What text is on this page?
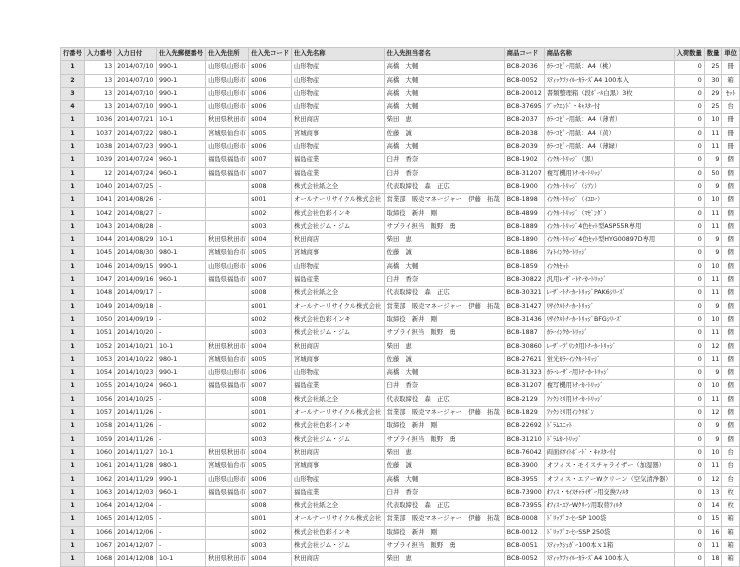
行番号	入力番号	入力日付	仕入先郵便番号	仕入先住所	仕入先コード	仕入先名称	仕入先担当者名	商品コード	商品名称	入荷数量	数量	単位
1	13	2014/07/10	990-1	山形県山形市	s006	山形物産	高橋　大輔	BC8-2036	ｶﾗｰｺﾋﾟｰ用紙：A4（桃）	0	25	冊
2	13	2014/07/10	990-1	山形県山形市	s006	山形物産	高橋　大輔	BC8-0052	ｽﾃｨｯｸﾌｧｲﾙｰｶﾗｰｽﾞA4 100本入	0	30	箱
3	13	2014/07/10	990-1	山形県山形市	s006	山形物産	高橋　大輔	BC8-20012	書類整理箱（段ﾎﾞｰﾙ白黒）3枚	0	29	ｾｯﾄ
4	13	2014/07/10	990-1	山形県山形市	s006	山形物産	高橋　大輔	BC8-37695	ﾌﾞｯｸｴﾝﾄﾞ・ｷｬｽﾀｰ付	0	25	台
1	1036	2014/07/21	10-1	秋田県秋田市	s004	秋田商店	柴田　恵	BC8-2037	ｶﾗｰｺﾋﾟｰ用紙：A4（薄青）	0	10	冊
1	1037	2014/07/22	980-1	宮城県仙台市	s005	宮城商事	佐藤　誠	BC8-2038	ｶﾗｰｺﾋﾟｰ用紙：A4（黄）	0	11	冊
1	1038	2014/07/23	990-1	山形県山形市	s006	山形物産	高橋　大輔	BC8-2039	ｶﾗｰｺﾋﾟｰ用紙：A4（薄緑）	0	11	冊
1	1039	2014/07/24	960-1	福島県福島市	s007	福島産業	臼井　香奈	BC8-1902	ｲﾝｸｶｰﾄﾘｯｼﾞ（黒）	0	9	個
1	12	2014/07/24	960-1	福島県福島市	s007	福島産業	臼井　香奈	BC8-31207	複写機用ﾄﾅｰｶｰﾄﾘｯｼﾞ	0	50	個
1	1040	2014/07/25	-		s008	株式会社紙之全	代表取締役　森　正広	BC8-1900	ｲﾝｸｶｰﾄﾘｯｼﾞ（ｼｱﾝ）	0	9	個
1	1041	2014/08/26	-		s001	オールナーリサイクル株式会社	営業部　販売マネージャー　伊藤　拓哉	BC8-1898	ｲﾝｸｶｰﾄﾘｯｼﾞ（ｲｴﾛｰ）	0	10	個
1	1042	2014/08/27	-		s002	株式会社色彩インキ	取締役　新井　剛	BC8-4899	ｲﾝｸｶｰﾄﾘｯｼﾞ（ﾏｾﾞﾝﾀﾞ）	0	11	個
1	1043	2014/08/28	-		s003	株式会社ジム・ジム	サプライ担当　飯野　勇	BC8-1889	ｲﾝｸｶｰﾄﾘｯｼﾞ4色ｾｯﾄ型ASP55R専用	0	11	個
1	1044	2014/08/29	10-1	秋田県秋田市	s004	秋田商店	柴田　恵	BC8-1890	ｲﾝｸｶｰﾄﾘｯｼﾞ4色ｾｯﾄ型HYG00897D専用	0	9	個
1	1045	2014/08/30	980-1	宮城県仙台市	s005	宮城商事	佐藤　誠	BC8-1886	ﾌｫﾄｲﾝｸｶｰﾄﾘｯｼﾞ	0	9	個
1	1046	2014/09/15	990-1	山形県山形市	s006	山形物産	高橋　大輔	BC8-1859	ｲﾝｸｶｾｯﾄ	0	10	個
1	1047	2014/09/16	960-1	福島県福島市	s007	福島産業	臼井　香奈	BC8-30822	汎用ﾚｰｻﾞｰﾄﾅｰｶｰﾄﾘｯｼﾞ	0	11	個
1	1048	2014/09/17	-		s008	株式会社紙之全	代表取締役　森　正広	BC8-30321	ﾚｰｻﾞｰﾄﾅｰｶｰﾄﾘｯｼﾞPAK6ｼﾘｰｽﾞ	0	11	個
1	1049	2014/09/18	-		s001	オールナーリサイクル株式会社	営業部　販売マネージャー　伊藤　拓哉	BC8-31427	ﾘｻｲｸﾙﾄﾅｰｶｰﾄﾘｯｼﾞ	0	9	個
1	1050	2014/09/19	-		s002	株式会社色彩インキ	取締役　新井　剛	BC8-31436	ﾘｻｲｸﾙﾄﾅｰｶｰﾄﾘｯｼﾞBFGｼﾘｰｽﾞ	0	10	個
1	1051	2014/10/20	-		s003	株式会社ジム・ジム	サプライ担当　飯野　勇	BC8-1887	ｶﾗｰｲﾝｸｶｰﾄﾘｯｼﾞ	0	11	個
1	1052	2014/10/21	10-1	秋田県秋田市	s004	秋田商店	柴田　恵	BC8-30860	ﾚｰｻﾞｰﾌﾟﾘﾝﾀ用ﾄﾅｰｶｰﾄﾘｯｼﾞ	0	12	個
1	1053	2014/10/22	980-1	宮城県仙台市	s005	宮城商事	佐藤　誠	BC8-27621	蛍光ｶﾗｰｲﾝｸｶｰﾄﾘｯｼﾞ	0	11	個
1	1054	2014/10/23	990-1	山形県山形市	s006	山形物産	高橋　大輔	BC8-31323	ｶﾗｰﾚｰｻﾞｰ用ﾄﾅｰｶｰﾄﾘｯｼﾞ	0	9	個
1	1055	2014/10/24	960-1	福島県福島市	s007	福島産業	臼井　香奈	BC8-31207	複写機用ﾄﾅｰｶｰﾄﾘｯｼﾞ	0	10	個
1	1056	2014/10/25	-		s008	株式会社紙之全	代表取締役　森　正広	BC8-2129	ﾌｧｸｼﾐﾘ用ﾄﾅｰｶｰﾄﾘｯｼﾞ	0	11	個
1	1057	2014/11/26	-		s001	オールナーリサイクル株式会社	営業部　販売マネージャー　伊藤　拓哉	BC8-1829	ﾌｧｸｼﾐﾘ用ｲﾝｸﾘﾎﾞﾝ	0	12	個
1	1058	2014/11/26	-		s002	株式会社色彩インキ	取締役　新井　剛	BC8-22692	ﾄﾞﾗﾑﾕﾆｯﾄ	0	9	個
1	1059	2014/11/26	-		s003	株式会社ジム・ジム	サプライ担当　飯野　勇	BC8-31210	ﾄﾞﾗﾑｶｰﾄﾘｯｼﾞ	0	9	個
1	1060	2014/11/27	10-1	秋田県秋田市	s004	秋田商店	柴田　恵	BC8-76042	両面ﾎﾜｲﾄﾎﾞｰﾄﾞ・ｷｬｽﾀｰ付	0	10	台
1	1061	2014/11/28	980-1	宮城県仙台市	s005	宮城商事	佐藤　誠	BC8-3900	オフィス・モイスチャライザー（加湿器）	0	11	台
1	1062	2014/11/29	990-1	山形県山形市	s006	山形物産	高橋　大輔	BC8-3955	オフィス・エアーWクリーン（空気清浄器）	0	12	台
1	1063	2014/12/03	960-1	福島県福島市	s007	福島産業	臼井　香奈	BC8-73900	ｵﾌｨｽ・ﾓｲｽﾁｬﾗｲｻﾞｰ用交換ﾌｨﾙﾀ	0	13	枚
1	1064	2014/12/04	-		s008	株式会社紙之全	代表取締役　森　正広	BC8-73955	ｵﾌｨｽ･ｴｱｰWｸﾘｰﾝ用取替ﾌｨﾙﾀ	0	14	枚
1	1065	2014/12/05	-		s001	オールナーリサイクル株式会社	営業部　販売マネージャー　伊藤　拓哉	BC8-0008	ﾄﾞﾘｯﾌﾟｺｰﾋｰSP 100袋	0	15	箱
1	1066	2014/12/06	-		s002	株式会社色彩インキ	取締役　新井　剛	BC8-0012	ﾄﾞﾘｯﾌﾟｺｰﾋｰSSP 250袋	0	16	箱
1	1067	2014/12/07	-		s003	株式会社ジム・ジム	サプライ担当　飯野　勇	BC8-0051	ｽﾃｨｯｸｼｭｶﾞｰ100本ｘ1箱	0	11	箱
1	1068	2014/12/08	10-1	秋田県秋田市	s004	秋田商店	柴田　恵	BC8-0052	ｽﾃｨｯｸﾌｧｲﾙｰｶﾗｰｽﾞA4 100本入	0	18	箱
